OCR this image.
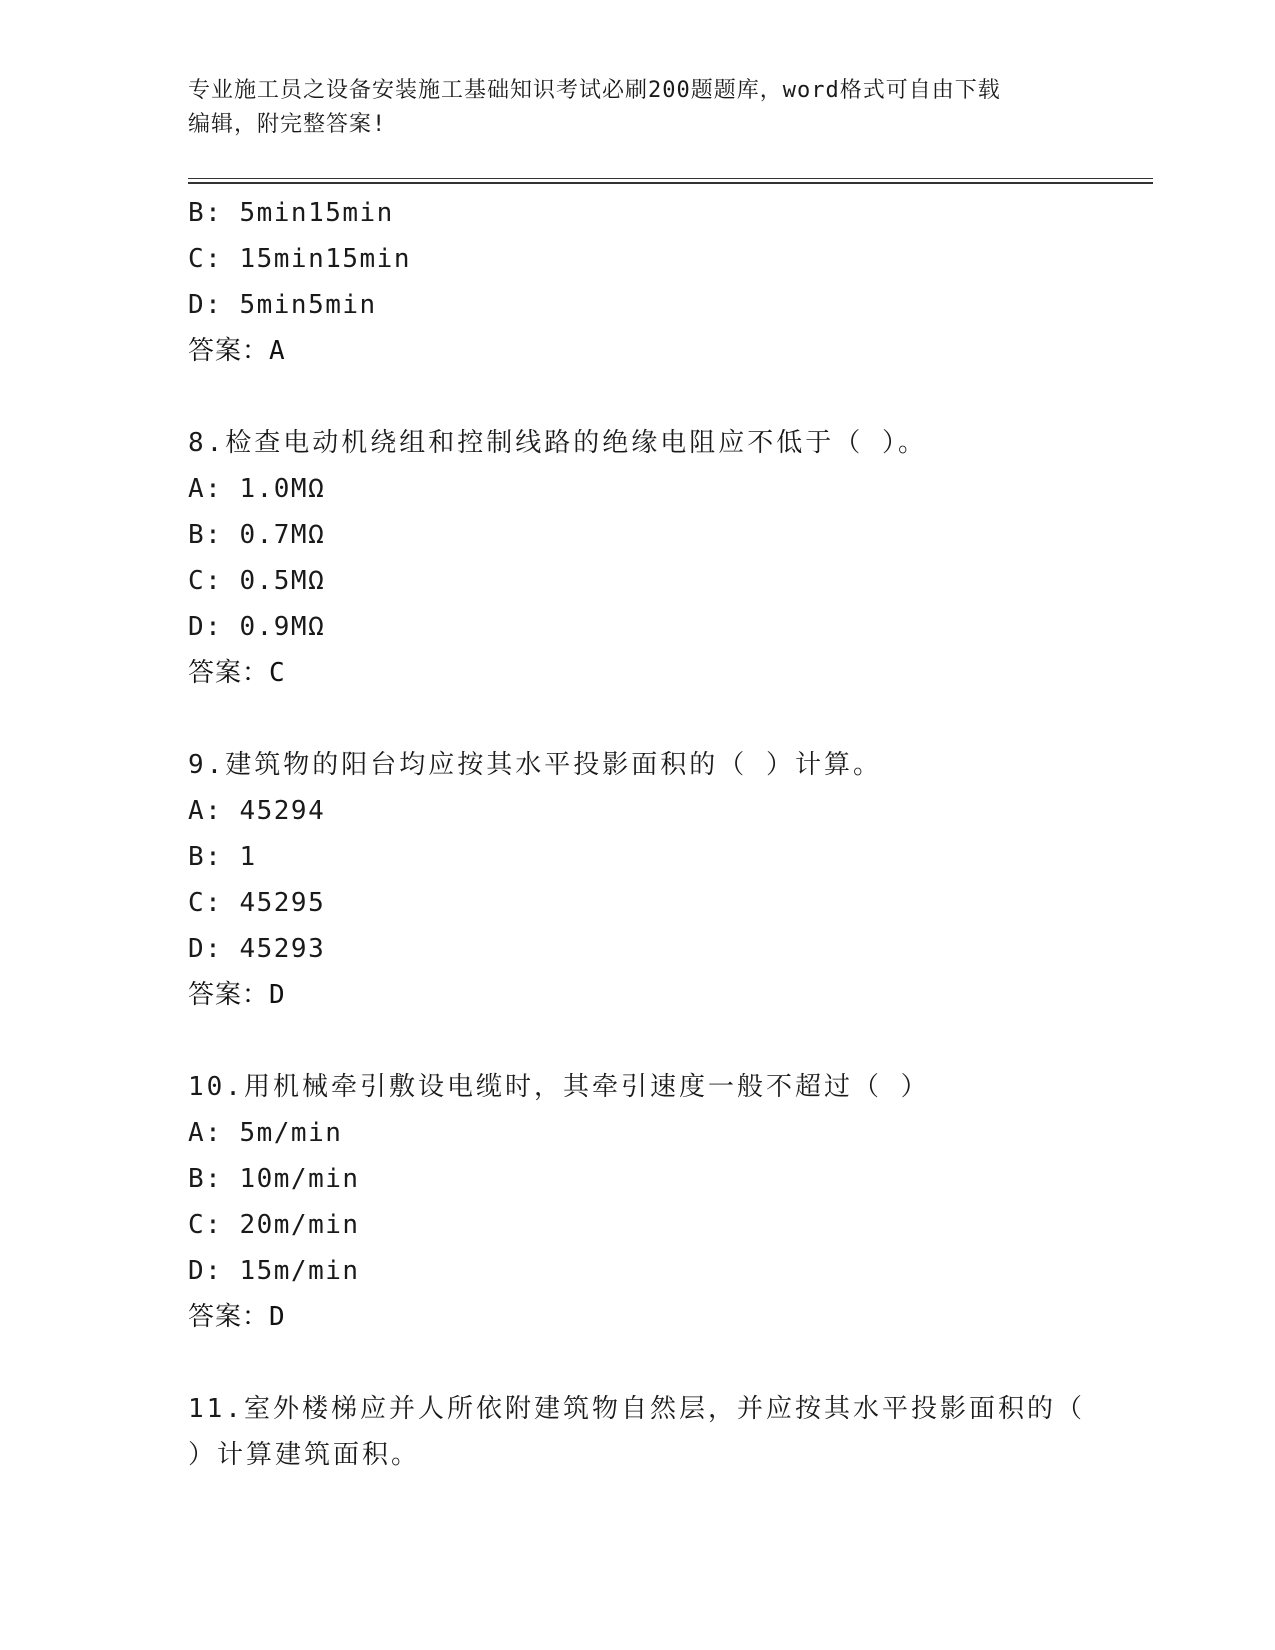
专业施工员之设备安装施工基础知识考试必刷200题题库，word格式可自由下载
编辑，附完整答案!
B: 5min15min
C: 15min15min
D: 5min5min
答案：A
8.检查电动机绕组和控制线路的绝缘电阻应不低于（ ）。
A: 1.0MΩ
B: 0.7MΩ
C: 0.5MΩ
D: 0.9MΩ
答案：C
9.建筑物的阳台均应按其水平投影面积的（ ）计算。
A: 45294
B: 1
C: 45295
D: 45293
答案：D
10.用机械牵引敷设电缆时，其牵引速度一般不超过（ ）
A: 5m/min
B: 10m/min
C: 20m/min
D: 15m/min
答案：D
11.室外楼梯应并人所依附建筑物自然层，并应按其水平投影面积的（
）计算建筑面积。
